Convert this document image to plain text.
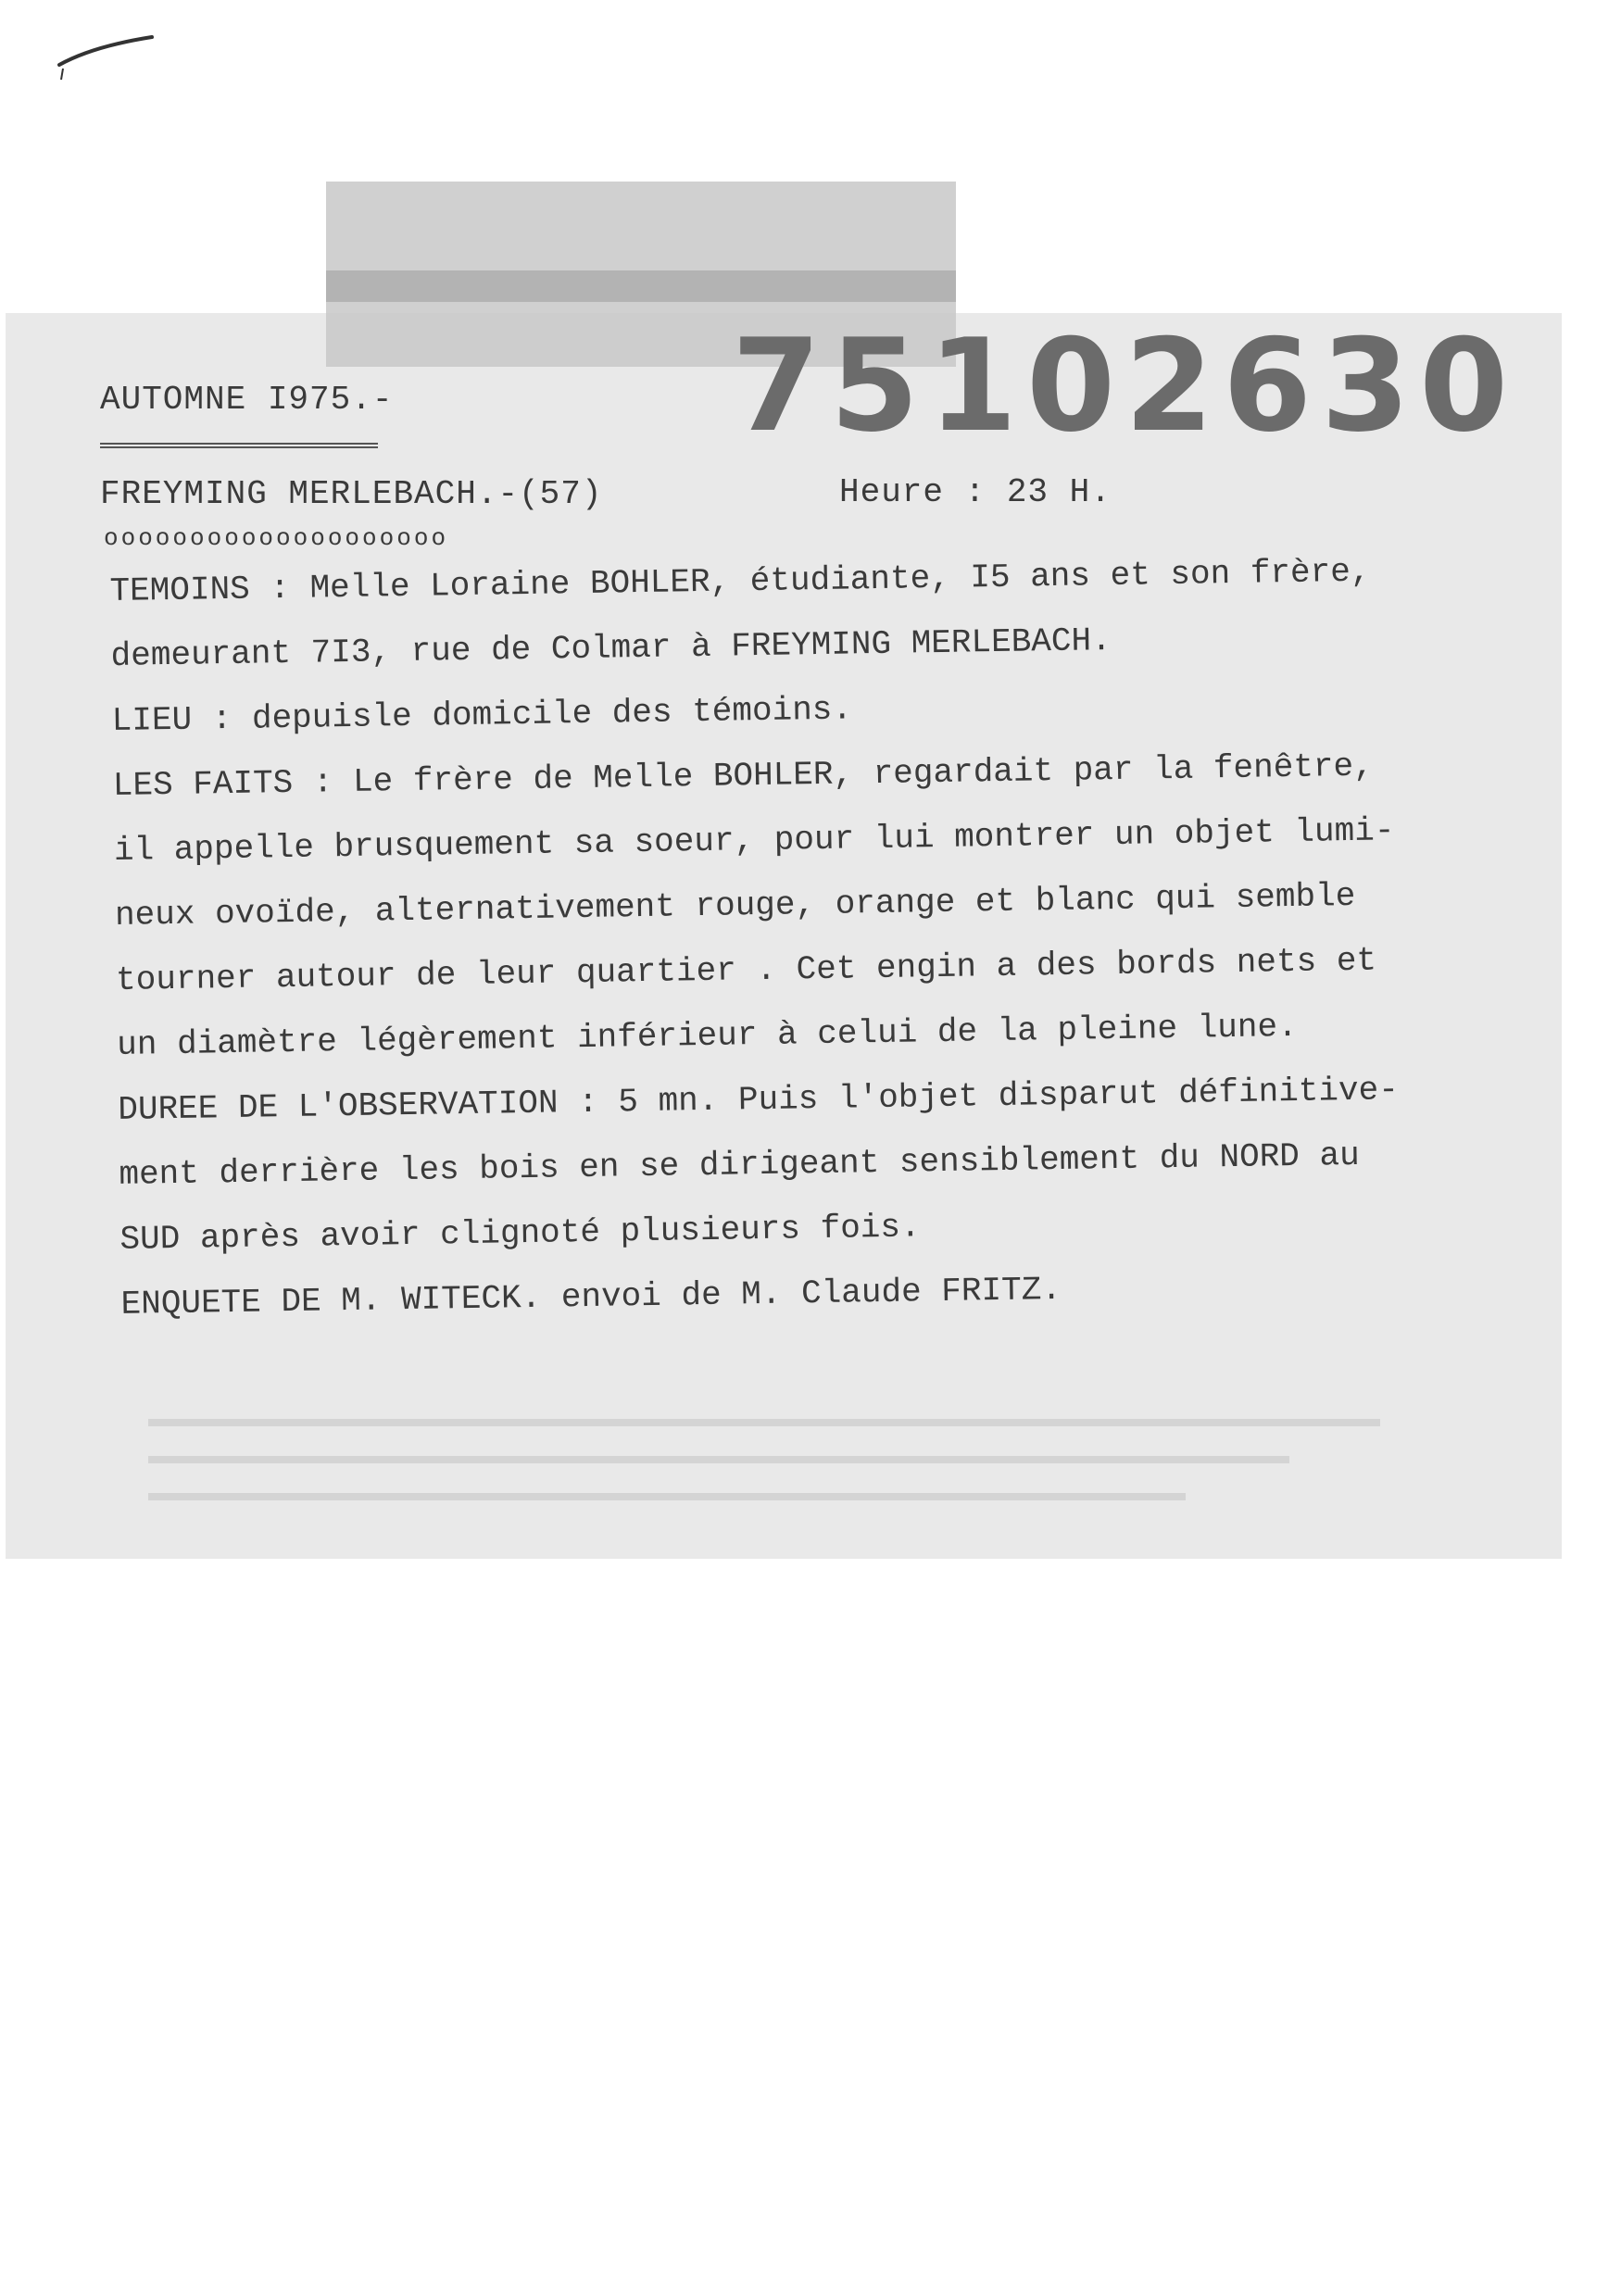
75102630
AUTOMNE I975.-
FREYMING MERLEBACH.-(57)	Heure : 23 H.
oooooooooooooooooooo
TEMOINS : Melle Loraine BOHLER, étudiante, I5 ans et son frère,
demeurant 7I3, rue de Colmar à FREYMING MERLEBACH.
LIEU : depuisle domicile des témoins.
LES FAITS : Le frère de Melle BOHLER, regardait par la fenêtre,
il appelle brusquement sa soeur, pour lui montrer un objet lumi-
neux ovoïde, alternativement rouge, orange et blanc qui semble
tourner autour de leur quartier . Cet engin a des bords nets et
un diamètre légèrement inférieur à celui de la pleine lune.
DUREE DE L'OBSERVATION : 5 mn. Puis l'objet disparut définitive-
ment derrière les bois en se dirigeant sensiblement du NORD au
SUD après avoir clignoté plusieurs fois.
ENQUETE DE M. WITECK. envoi de M. Claude FRITZ.
